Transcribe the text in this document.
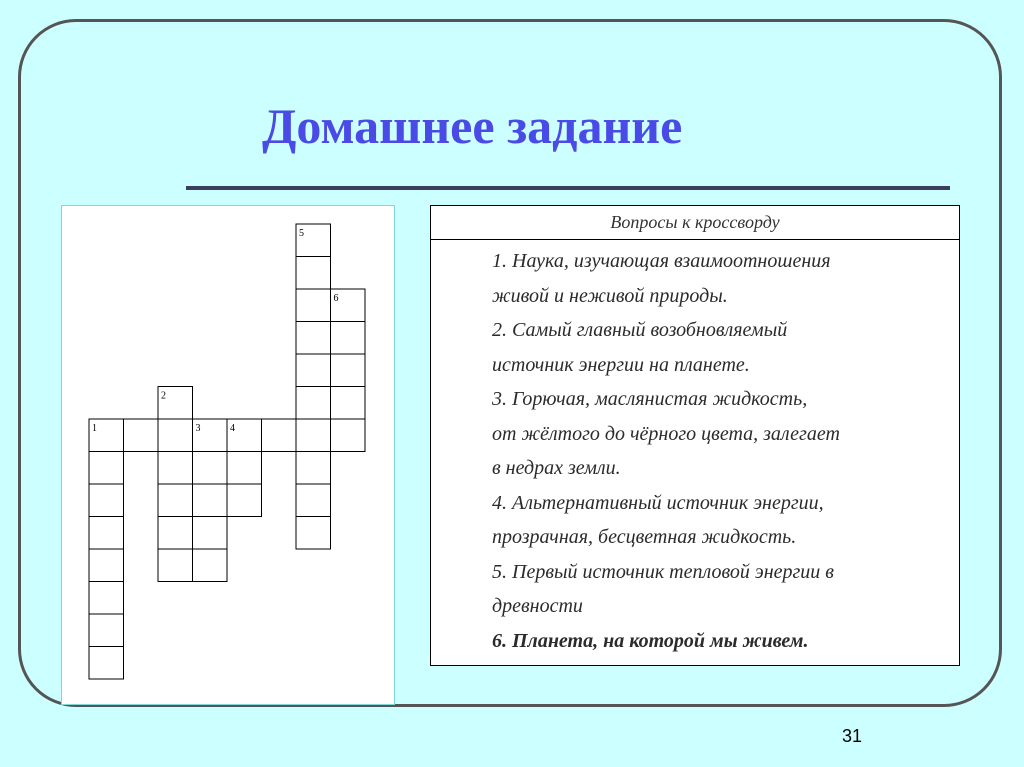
Домашнее задание
1
2
3	4
5
6
Вопросы к кроссворду
1. Наука, изучающая взаимоотношения
живой и неживой природы.
2. Самый главный возобновляемый
источник энергии на планете.
3. Горючая, маслянистая жидкость,
от жёлтого до чёрного цвета, залегает
в недрах земли.
4. Альтернативный источник энергии,
прозрачная, бесцветная жидкость.
5. Первый источник тепловой энергии в
древности
6. Планета, на которой мы живем.
31
